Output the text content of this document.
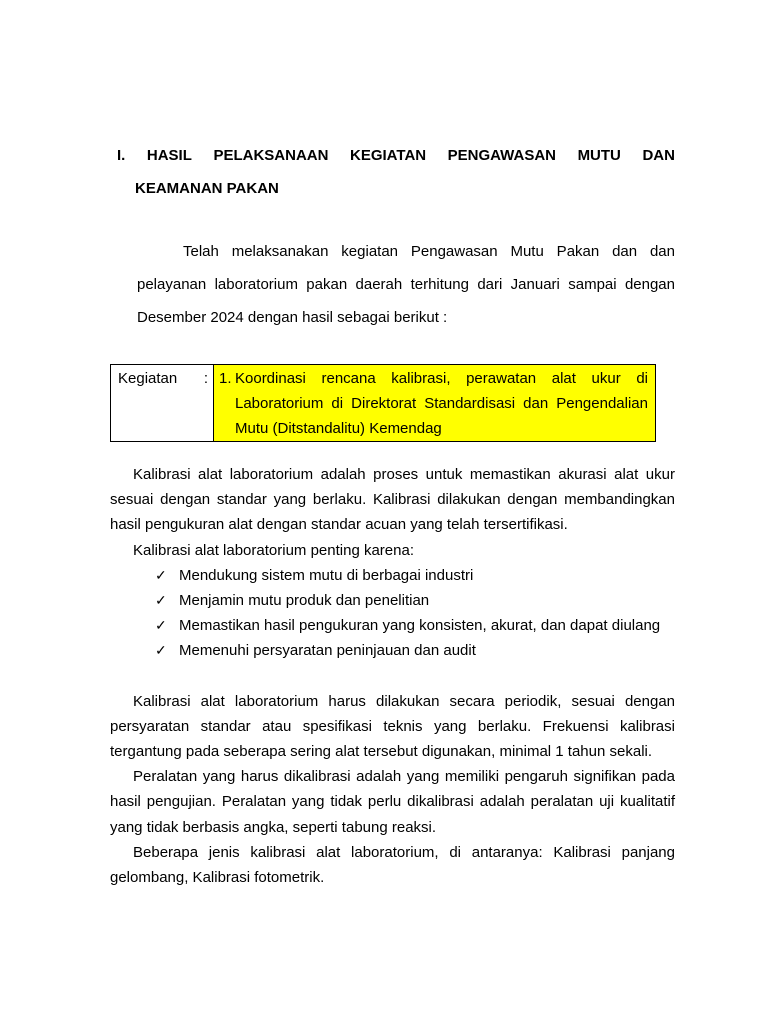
I. HASIL PELAKSANAAN KEGIATAN PENGAWASAN MUTU DAN
KEAMANAN PAKAN
Telah melaksanakan kegiatan Pengawasan Mutu Pakan dan dan pelayanan laboratorium pakan daerah terhitung dari Januari sampai dengan Desember 2024 dengan hasil sebagai berikut :
Kegiatan :	1. Koordinasi rencana kalibrasi, perawatan alat ukur di Laboratorium di Direktorat Standardisasi dan Pengendalian Mutu (Ditstandalitu) Kemendag

Kalibrasi alat laboratorium adalah proses untuk memastikan akurasi alat ukur sesuai dengan standar yang berlaku. Kalibrasi dilakukan dengan membandingkan hasil pengukuran alat dengan standar acuan yang telah tersertifikasi.

Kalibrasi alat laboratorium penting karena:

✓ Mendukung sistem mutu di berbagai industri
✓ Menjamin mutu produk dan penelitian
✓ Memastikan hasil pengukuran yang konsisten, akurat, dan dapat diulang
✓ Memenuhi persyaratan peninjauan dan audit

Kalibrasi alat laboratorium harus dilakukan secara periodik, sesuai dengan persyaratan standar atau spesifikasi teknis yang berlaku. Frekuensi kalibrasi tergantung pada seberapa sering alat tersebut digunakan, minimal 1 tahun sekali.

Peralatan yang harus dikalibrasi adalah yang memiliki pengaruh signifikan pada hasil pengujian. Peralatan yang tidak perlu dikalibrasi adalah peralatan uji kualitatif yang tidak berbasis angka, seperti tabung reaksi.

Beberapa jenis kalibrasi alat laboratorium, di antaranya: Kalibrasi panjang gelombang, Kalibrasi fotometrik.
